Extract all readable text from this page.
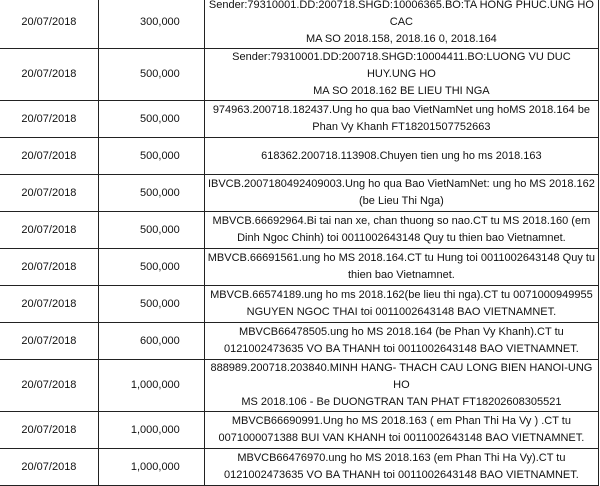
20/07/2018	300,000	Sender:79310001.DD:200718.SHGD:10006365.BO:TA HONG PHUC.UNG HO CAC
MA SO 2018.158, 2018.16 0, 2018.164
20/07/2018	500,000	Sender:79310001.DD:200718.SHGD:10004411.BO:LUONG VU DUC HUY.UNG HO
MA SO 2018.162 BE LIEU THI NGA
20/07/2018	500,000	974963.200718.182437.Ung ho qua bao VietNamNet ung hoMS 2018.164 be
Phan Vy Khanh FT18201507752663
20/07/2018	500,000	618362.200718.113908.Chuyen tien ung ho ms 2018.163
20/07/2018	500,000	IBVCB.2007180492409003.Ung ho qua Bao VietNamNet: ung ho MS 2018.162
(be Lieu Thi Nga)
20/07/2018	500,000	MBVCB.66692964.Bi tai nan xe, chan thuong so nao.CT tu MS 2018.160 (em
Dinh Ngoc Chinh) toi 0011002643148 Quy tu thien bao Vietnamnet.
20/07/2018	500,000	MBVCB.66691561.ung ho MS 2018.164.CT tu Hung toi 0011002643148 Quy tu
thien bao Vietnamnet.
20/07/2018	500,000	MBVCB.66574189.ung ho ms 2018.162(be lieu thi nga).CT tu 0071000949955
NGUYEN NGOC THAI toi 0011002643148 BAO VIETNAMNET.
20/07/2018	600,000	MBVCB66478505.ung ho MS 2018.164 (be Phan Vy Khanh).CT tu
0121002473635 VO BA THANH toi 0011002643148 BAO VIETNAMNET.
20/07/2018	1,000,000	888989.200718.203840.MINH HANG- THACH CAU LONG BIEN HANOI-UNG HO
MS 2018.106 - Be DUONGTRAN TAN PHAT FT18202608305521
20/07/2018	1,000,000	MBVCB66690991.Ung ho MS 2018.163 ( em Phan Thi Ha Vy ) .CT tu
0071000071388 BUI VAN KHANH toi 0011002643148 BAO VIETNAMNET.
20/07/2018	1,000,000	MBVCB66476970.ung ho MS 2018.163 (em Phan Thi Ha Vy).CT tu
0121002473635 VO BA THANH toi 0011002643148 BAO VIETNAMNET.
